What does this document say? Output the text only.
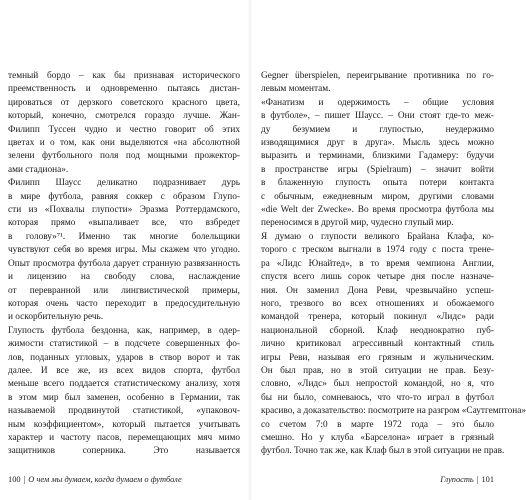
темный бордо – как бы признавая исторического
преемственность и одновременно пытаясь дистан-
цироваться от дерзкого советского красного цвета,
который, конечно, смотрелся гораздо лучше. Жан-
Филипп Туссен чудно и честно говорит об этих
цветах и о том, как они выделяются «на абсолютной
зелени футбольного поля под мощными прожектор-
ами стадиона».
Филипп Шаусс деликатно подразнивает дурь
в мире футбола, равняя соккер с образом Глупо-
сти из «Похвалы глупости» Эразма Роттердамского,
которая прямо «выпаливает все, что взбредет
в голову»⁷¹. Именно так многие болельщики
чувствуют себя во время игры. Мы скажем что угодно.
Опыт просмотра футбола дарует странную развязанность
и лицензию на свободу слова, наслаждение
от перевранной или лингвистической примеры,
которая очень часто переходит в предосудительную
и оскорбительную речь.
Глупость футбола бездонна, как, например, в одер-
жимости статистикой – в подсчете совершенных фо-
лов, поданных угловых, ударов в створ ворот и так
далее. И все же, из всех видов спорта, футбол
меньше всего поддается статистическому анализу, хотя
в этом мир был заменен, особенно в Германии, так
называемой продвинутой статистикой, «упаковоч-
ным коэффициентом», который пытается учитывать
характер и частоту пасов, перемещающих мяч мимо
защитников соперника. Это называется
100 | О чем мы думаем, когда думаем о футболе
Gegner überspielen, переигрывание противника по го-
левым моментам.
«Фанатизм и одержимость – общие условия
в футболе», – пишет Шаусс. – Они стоят где-то меж-
ду безумием и глупостью, неудержимо
изводящимися друг в друга». Мысль здесь можно
выразить и терминами, близкими Гадамеру: будучи
в пространстве игры (Spielraum) – значит войти
в блаженную глупость опыта потери контакта
с обычным, ежедневным миром, другими словами
«die Welt der Zwecke». Во время просмотра футбола мы
переносимся в другой мир, чудесно глупый мир.
Я думаю о глупости великого Брайана Клафа, ко-
торого с треском выгнали в 1974 году с поста трене-
ра «Лидс Юнайтед», в то время чемпиона Англии,
спустя всего лишь сорок четыре дня после назначе-
ния. Он заменил Дона Реви, чрезвычайно успеш-
ного, трезвого во всех отношениях и обожаемого
командой тренера, который покинул «Лидс» ради
национальной сборной. Клаф неоднократно пуб-
лично критиковал агрессивный контактный стиль
игры Реви, называя его грязным и жульническим.
Он был прав, но в этой ситуации не прав. Безу-
словно, «Лидс» был непростой командой, но я, что
бы ни было, сомневаюсь, что что-то играл в футбол
красиво, а доказательство: посмотрите на разгром «Саутгемптона»
со счетом 7:0 в марте 1972 года – это было
смешно. Но у клуба «Барселона» играет в грязный
футбол. Точно так же, как Клаф был в этой ситуации не прав.
Глупость | 101
